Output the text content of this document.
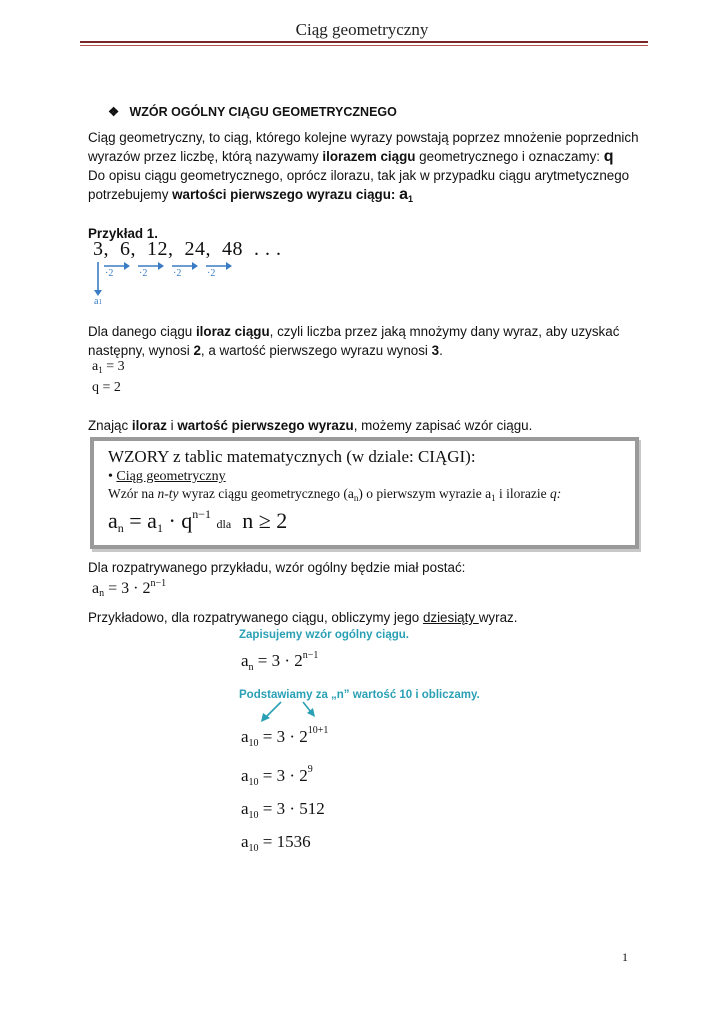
Ciąg geometryczny
❖ WZÓR OGÓLNY CIĄGU GEOMETRYCZNEGO
Ciąg geometryczny, to ciąg, którego kolejne wyrazy powstają poprzez mnożenie poprzednich
wyrazów przez liczbę, którą nazywamy ilorazem ciągu geometrycznego i oznaczamy: q
Do opisu ciągu geometrycznego, oprócz ilorazu, tak jak w przypadku ciągu arytmetycznego
potrzebujemy wartości pierwszego wyrazu ciągu: $a_1$
Przykład 1.
3, 6, 12, 24, 48 . . .
·2	·2	·2	·2
a1
Dla danego ciągu iloraz ciągu, czyli liczba przez jaką mnożymy dany wyraz, aby uzyskać
następny, wynosi 2, a wartość pierwszego wyrazu wynosi 3.
$a_1 = 3$
q = 2
Znając iloraz i wartość pierwszego wyrazu, możemy zapisać wzór ciągu.
WZORY z tablic matematycznych (w dziale: CIĄGI):
• Ciąg geometryczny
Wzór na n-ty wyraz ciągu geometrycznego $(a_n)$ o pierwszym wyrazie $a_1$ i ilorazie q:
an = $a1 \cdot q^{n-1}$ dla n ≥ 2
Dla rozpatrywanego przykładu, wzór ogólny będzie miał postać:
an = $3 \cdot 2^{n-1}$
Przykładowo, dla rozpatrywanego ciągu, obliczymy jego dziesiąty wyraz.
Zapisujemy wzór ogólny ciągu.
$a_n = 3 \cdot 2^{n-1}$
Podstawiamy za „n” wartość 10 i obliczamy.
$a_{10} = 3 \cdot 2^{10+1}$
$a_{10} = 3 \cdot 2^9$
$a_{10} = 3 \cdot 512$
$a_{10} = 1536$
1
